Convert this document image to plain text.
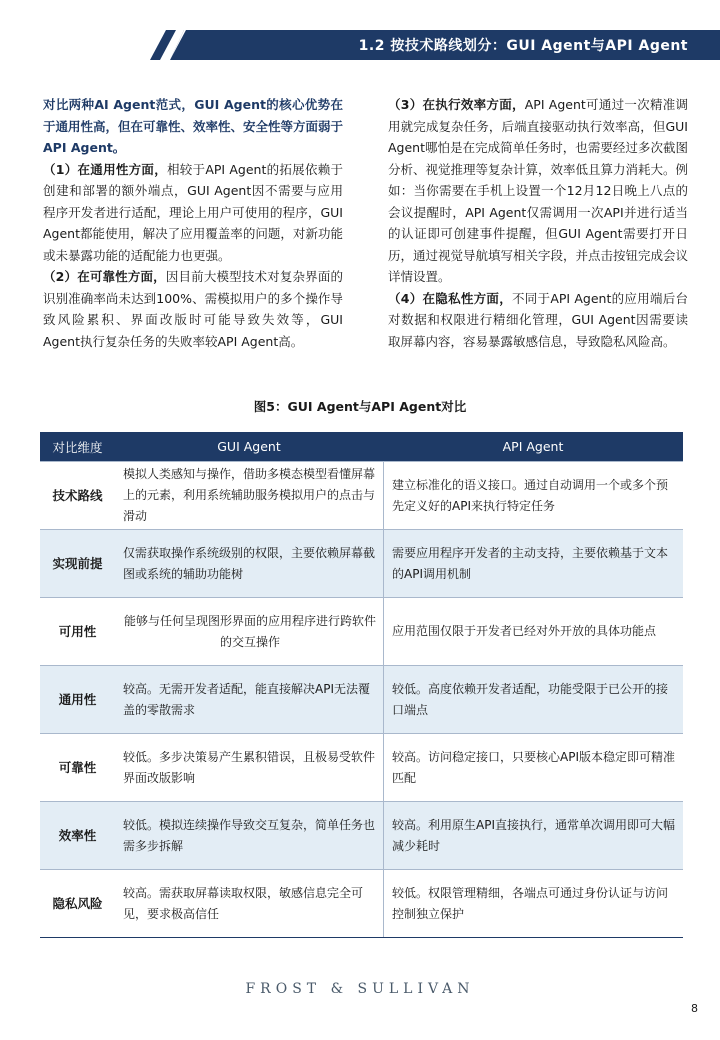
1.2 按技术路线划分：GUI Agent与API Agent

对比两种AI Agent范式，GUI Agent的核心优势在于通用性高，但在可靠性、效率性、安全性等方面弱于API Agent。

（1）在通用性方面，相较于API Agent的拓展依赖于创建和部署的额外端点，GUI Agent因不需要与应用程序开发者进行适配，理论上用户可使用的程序，GUI Agent都能使用，解决了应用覆盖率的问题，对新功能或未暴露功能的适配能力也更强。

（2）在可靠性方面，因目前大模型技术对复杂界面的识别准确率尚未达到100%、需模拟用户的多个操作导致风险累积、界面改版时可能导致失效等，GUI Agent执行复杂任务的失败率较API Agent高。

（3）在执行效率方面，API Agent可通过一次精准调用就完成复杂任务，后端直接驱动执行效率高，但GUI Agent哪怕是在完成简单任务时，也需要经过多次截图分析、视觉推理等复杂计算，效率低且算力消耗大。例如：当你需要在手机上设置一个12月12日晚上八点的会议提醒时，API Agent仅需调用一次API并进行适当的认证即可创建事件提醒，但GUI Agent需要打开日历，通过视觉导航填写相关字段，并点击按钮完成会议详情设置。

（4）在隐私性方面，不同于API Agent的应用端后台对数据和权限进行精细化管理，GUI Agent因需要读取屏幕内容，容易暴露敏感信息，导致隐私风险高。

图5：GUI Agent与API Agent对比
对比维度	GUI Agent	API Agent
技术路线
模拟人类感知与操作，借助多模态模型看懂屏幕上的元素，利用系统辅助服务模拟用户的点击与滑动
建立标准化的语义接口。通过自动调用一个或多个预先定义好的API来执行特定任务
实现前提
仅需获取操作系统级别的权限，主要依赖屏幕截图或系统的辅助功能树
需要应用程序开发者的主动支持，主要依赖基于文本的API调用机制
可用性
能够与任何呈现图形界面的应用程序进行跨软件的交互操作
应用范围仅限于开发者已经对外开放的具体功能点
通用性
较高。无需开发者适配，能直接解决API无法覆盖的零散需求
较低。高度依赖开发者适配，功能受限于已公开的接口端点
可靠性
较低。多步决策易产生累积错误，且极易受软件界面改版影响
较高。访问稳定接口，只要核心API版本稳定即可精准匹配
效率性
较低。模拟连续操作导致交互复杂，简单任务也需多步拆解
较高。利用原生API直接执行，通常单次调用即可大幅减少耗时
隐私风险
较高。需获取屏幕读取权限，敏感信息完全可见，要求极高信任
较低。权限管理精细，各端点可通过身份认证与访问控制独立保护
FROST & SULLIVAN
8
